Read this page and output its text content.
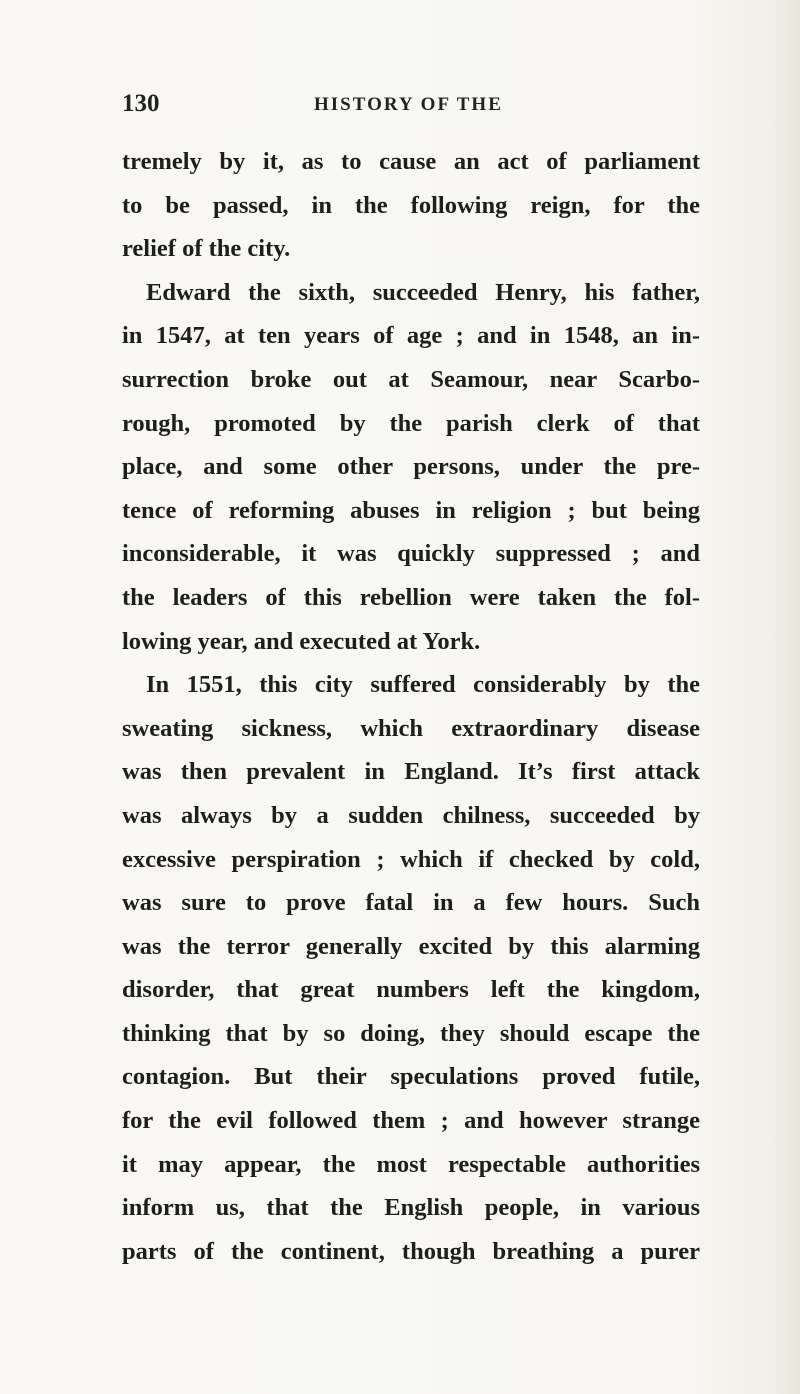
130	HISTORY OF THE
tremely by it, as to cause an act of parliament
to be passed, in the following reign, for the
relief of the city.
Edward the sixth, succeeded Henry, his father,
in 1547, at ten years of age ; and in 1548, an in-
surrection broke out at Seamour, near Scarbo-
rough, promoted by the parish clerk of that
place, and some other persons, under the pre-
tence of reforming abuses in religion ; but being
inconsiderable, it was quickly suppressed ; and
the leaders of this rebellion were taken the fol-
lowing year, and executed at York.
In 1551, this city suffered considerably by the
sweating sickness, which extraordinary disease
was then prevalent in England. It’s first attack
was always by a sudden chilness, succeeded by
excessive perspiration ; which if checked by cold,
was sure to prove fatal in a few hours. Such
was the terror generally excited by this alarming
disorder, that great numbers left the kingdom,
thinking that by so doing, they should escape the
contagion. But their speculations proved futile,
for the evil followed them ; and however strange
it may appear, the most respectable authorities
inform us, that the English people, in various
parts of the continent, though breathing a purer
